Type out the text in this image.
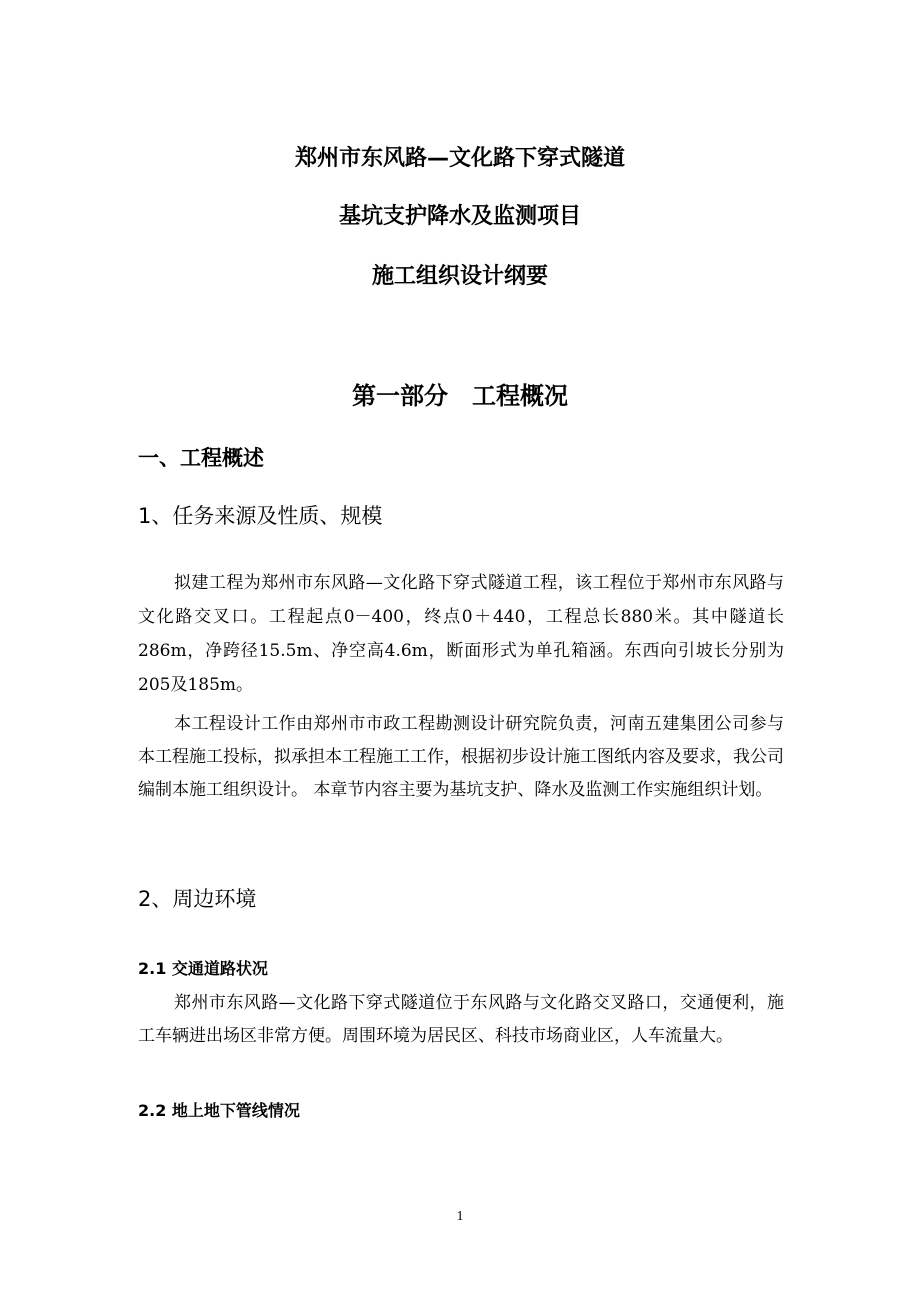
郑州市东风路—文化路下穿式隧道
基坑支护降水及监测项目
施工组织设计纲要
第一部分　工程概况
一、工程概述
1、任务来源及性质、规模
拟建工程为郑州市东风路—文化路下穿式隧道工程，该工程位于郑州市东风路与文化路交叉口。工程起点0－400，终点0＋440，工程总长880米。其中隧道长286m，净跨径15.5m、净空高4.6m，断面形式为单孔箱涵。东西向引坡长分别为205及185m。
本工程设计工作由郑州市市政工程勘测设计研究院负责，河南五建集团公司参与本工程施工投标，拟承担本工程施工工作，根据初步设计施工图纸内容及要求，我公司编制本施工组织设计。 本章节内容主要为基坑支护、降水及监测工作实施组织计划。
2、周边环境
2.1 交通道路状况
郑州市东风路—文化路下穿式隧道位于东风路与文化路交叉路口，交通便利，施工车辆进出场区非常方便。周围环境为居民区、科技市场商业区，人车流量大。
2.2 地上地下管线情况
1
